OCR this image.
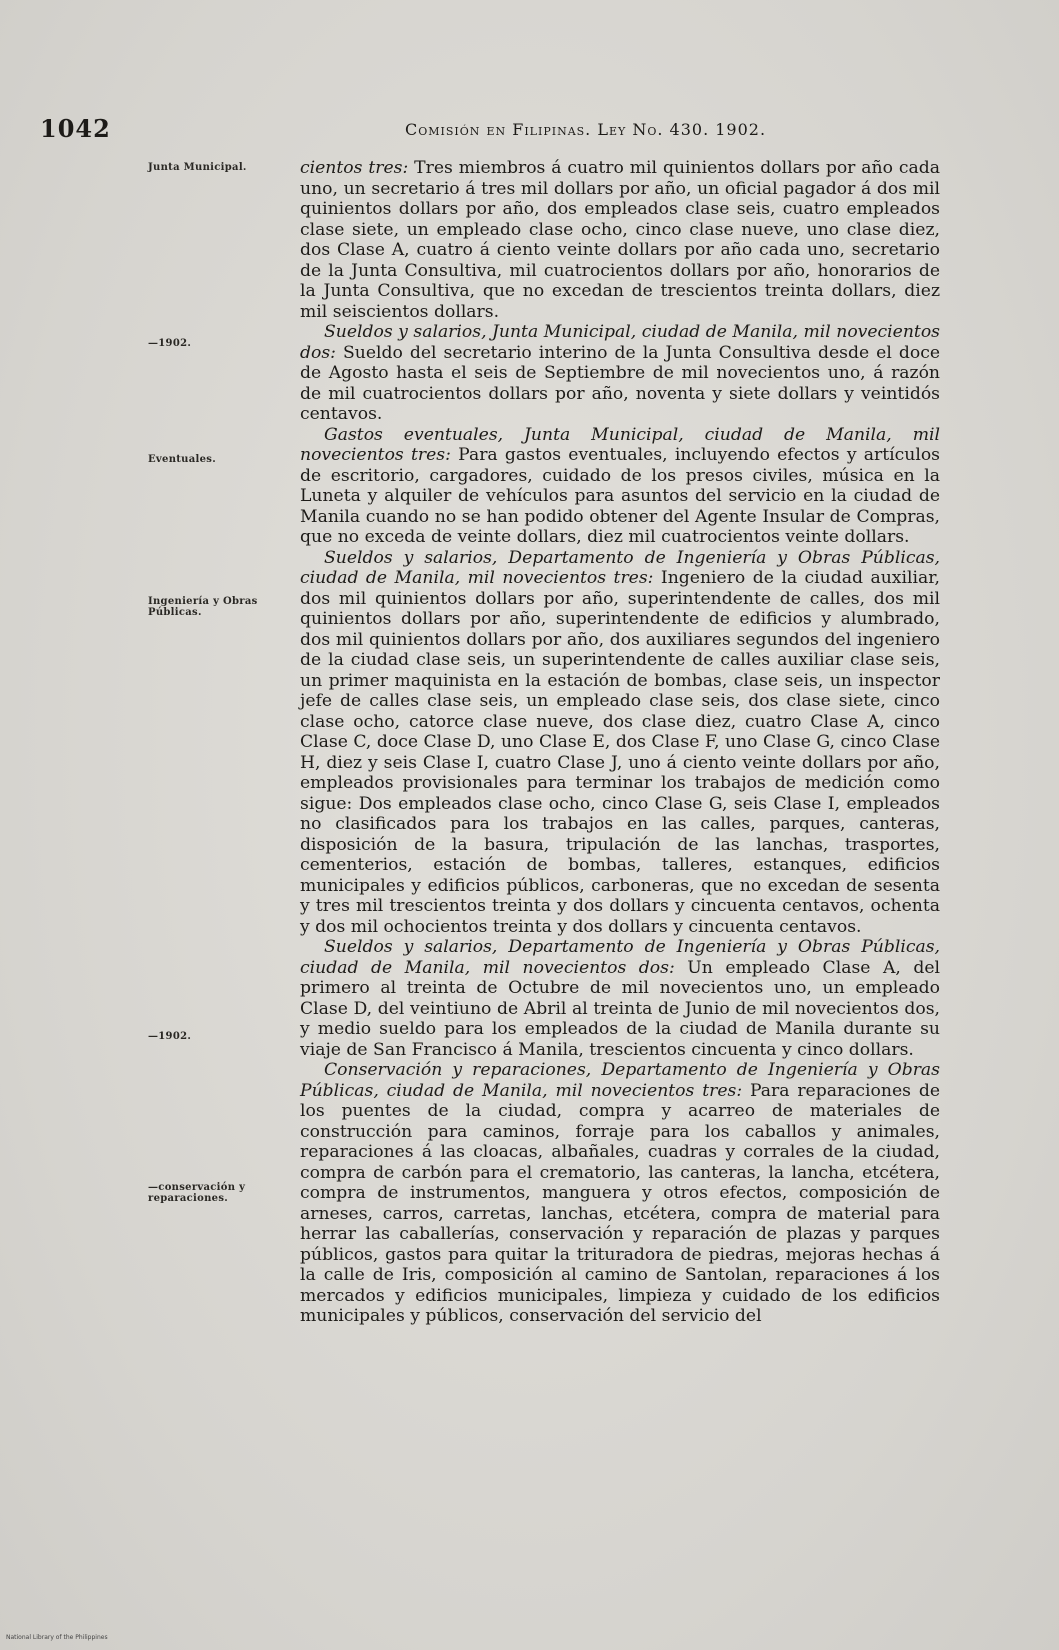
1042	Comisión en Filipinas. Ley No. 430. 1902.
Junta Municipal.
—1902.
Eventuales.
Ingeniería y Obras Públicas.
—1902.
—conservación y reparaciones.

cientos tres: Tres miembros á cuatro mil quinientos dollars por año cada uno, un secretario á tres mil dollars por año, un oficial pagador á dos mil quinientos dollars por año, dos empleados clase seis, cuatro empleados clase siete, un empleado clase ocho, cinco clase nueve, uno clase diez, dos Clase A, cuatro á ciento veinte dollars por año cada uno, secretario de la Junta Consultiva, mil cuatrocientos dollars por año, honorarios de la Junta Consultiva, que no excedan de trescientos treinta dollars, diez mil seiscientos dollars.

Sueldos y salarios, Junta Municipal, ciudad de Manila, mil novecientos dos: Sueldo del secretario interino de la Junta Consultiva desde el doce de Agosto hasta el seis de Septiembre de mil novecientos uno, á razón de mil cuatrocientos dollars por año, noventa y siete dollars y veintidós centavos.

Gastos eventuales, Junta Municipal, ciudad de Manila, mil novecientos tres: Para gastos eventuales, incluyendo efectos y artículos de escritorio, cargadores, cuidado de los presos civiles, música en la Luneta y alquiler de vehículos para asuntos del servicio en la ciudad de Manila cuando no se han podido obtener del Agente Insular de Compras, que no exceda de veinte dollars, diez mil cuatrocientos veinte dollars.

Sueldos y salarios, Departamento de Ingeniería y Obras Públicas, ciudad de Manila, mil novecientos tres: Ingeniero de la ciudad auxiliar, dos mil quinientos dollars por año, superintendente de calles, dos mil quinientos dollars por año, superintendente de edificios y alumbrado, dos mil quinientos dollars por año, dos auxiliares segundos del ingeniero de la ciudad clase seis, un superintendente de calles auxiliar clase seis, un primer maquinista en la estación de bombas, clase seis, un inspector jefe de calles clase seis, un empleado clase seis, dos clase siete, cinco clase ocho, catorce clase nueve, dos clase diez, cuatro Clase A, cinco Clase C, doce Clase D, uno Clase E, dos Clase F, uno Clase G, cinco Clase H, diez y seis Clase I, cuatro Clase J, uno á ciento veinte dollars por año, empleados provisionales para terminar los trabajos de medición como sigue: Dos empleados clase ocho, cinco Clase G, seis Clase I, empleados no clasificados para los trabajos en las calles, parques, canteras, disposición de la basura, tripulación de las lanchas, trasportes, cementerios, estación de bombas, talleres, estanques, edificios municipales y edificios públicos, carboneras, que no excedan de sesenta y tres mil trescientos treinta y dos dollars y cincuenta centavos, ochenta y dos mil ochocientos treinta y dos dollars y cincuenta centavos.

Sueldos y salarios, Departamento de Ingeniería y Obras Públicas, ciudad de Manila, mil novecientos dos: Un empleado Clase A, del primero al treinta de Octubre de mil novecientos uno, un empleado Clase D, del veintiuno de Abril al treinta de Junio de mil novecientos dos, y medio sueldo para los empleados de la ciudad de Manila durante su viaje de San Francisco á Manila, trescientos cincuenta y cinco dollars.

Conservación y reparaciones, Departamento de Ingeniería y Obras Públicas, ciudad de Manila, mil novecientos tres: Para reparaciones de los puentes de la ciudad, compra y acarreo de materiales de construcción para caminos, forraje para los caballos y animales, reparaciones á las cloacas, albañales, cuadras y corrales de la ciudad, compra de carbón para el crematorio, las canteras, la lancha, etcétera, compra de instrumentos, manguera y otros efectos, composición de arneses, carros, carretas, lanchas, etcétera, compra de material para herrar las caballerías, conservación y reparación de plazas y parques públicos, gastos para quitar la trituradora de piedras, mejoras hechas á la calle de Iris, composición al camino de Santolan, reparaciones á los mercados y edificios municipales, limpieza y cuidado de los edificios municipales y públicos, conservación del servicio del

National Library of the Philippines
